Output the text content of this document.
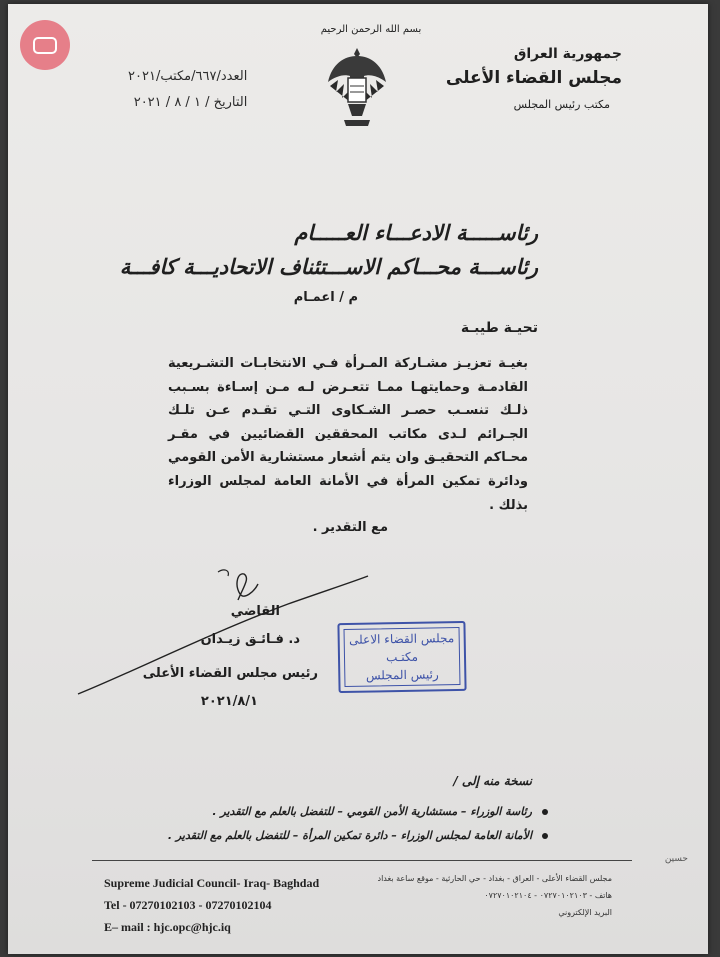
بسم الله الرحمن الرحيم
جمهورية العراق
مجلس القضاء الأعلى
مكتب رئيس المجلس
العدد/٦٦٧/مكتب/٢٠٢١
التاريخ / ١ / ٨ / ٢٠٢١
رئاســـــة الادعـــاء العـــــام
رئاســـة محـــاكم الاســـتئناف الاتحاديـــة كافـــة
م / اعمـام
تحيـة طيبـة
بغيـة تعزيـز مشـاركة المـرأة فـي الانتخابـات التشـريعية القادمـة وحمايتهـا ممـا تتعـرض لـه مـن إسـاءة بسـبب ذلـك تنسـب حصـر الشـكاوى التـي تقـدم عـن تلـك الجـرائم لـدى مكاتب المحققين القضائيين في مقـر محـاكم التحقيـق وان يتم أشعار مستشارية الأمن القومي ودائرة تمكين المرأة في الأمانة العامة لمجلس الوزراء بذلك .
مع التقدير .
القاضي
د. فـائـق زيـدان
رئيس مجلس القضاء الأعلى
٢٠٢١/٨/١
مجلس القضاء الاعلى
مكتـب
رئيس المجلس
نسخة منه إلى /
رئاسة الوزراء – مستشارية الأمن القومي – للتفضل بالعلم مع التقدير .
الأمانة العامة لمجلس الوزراء – دائرة تمكين المرأة – للتفضل بالعلم مع التقدير .
حسين
Supreme Judicial Council- Iraq- Baghdad
Tel - 07270102103 - 07270102104
E– mail : hjc.opc@hjc.iq
مجلس القضاء الأعلى - العراق - بغداد - حي الحارثية - موقع ساعة بغداد
هاتف - ٠٧٢٧٠١٠٢١٠٣ - ٠٧٢٧٠١٠٢١٠٤
البريد الإلكتروني
